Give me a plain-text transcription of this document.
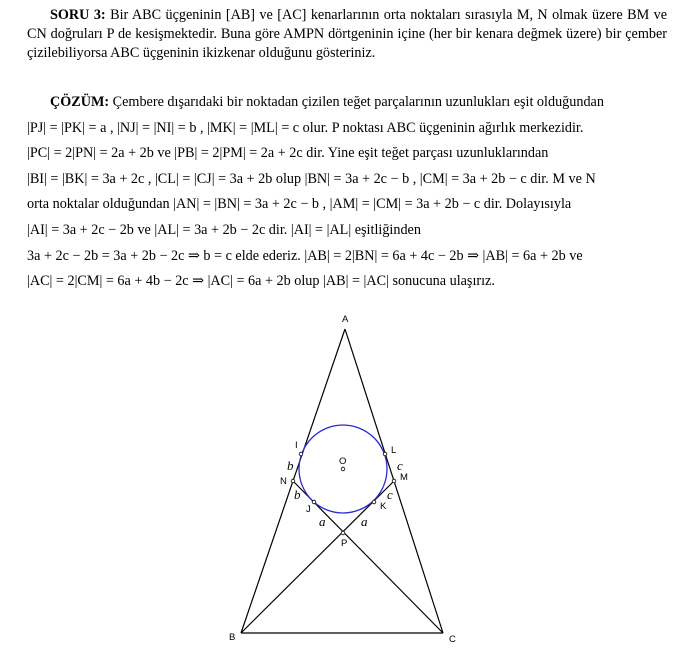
SORU 3: Bir ABC üçgeninin [AB] ve [AC] kenarlarının orta noktaları sırasıyla M, N olmak üzere BM ve CN doğruları P de kesişmektedir. Buna göre AMPN dörtgeninin içine (her bir kenara değmek üzere) bir çember çizilebiliyorsa ABC üçgeninin ikizkenar olduğunu gösteriniz.
ÇÖZÜM: Çembere dışarıdaki bir noktadan çizilen teğet parçalarının uzunlukları eşit olduğundan
|PJ| = |PK| = a , |NJ| = |NI| = b , |MK| = |ML| = c olur. P noktası ABC üçgeninin ağırlık merkezidir.
|PC| = 2|PN| = 2a + 2b ve |PB| = 2|PM| = 2a + 2c dir. Yine eşit teğet parçası uzunluklarından
|BI| = |BK| = 3a + 2c , |CL| = |CJ| = 3a + 2b olup |BN| = 3a + 2c − b , |CM| = 3a + 2b − c dir. M ve N
orta noktalar olduğundan |AN| = |BN| = 3a + 2c − b , |AM| = |CM| = 3a + 2b − c dir. Dolayısıyla
|AI| = 3a + 2c − 2b ve |AL| = 3a + 2b − 2c dir. |AI| = |AL| eşitliğinden
3a + 2c − 2b = 3a + 2b − 2c ⇒ b = c elde ederiz. |AB| = 2|BN| = 6a + 4c − 2b ⇒ |AB| = 6a + 2b ve
|AC| = 2|CM| = 6a + 4b − 2c ⇒ |AC| = 6a + 2b olup |AB| = |AC| sonucuna ulaşırız.
A
B	C
I	L
O
N	M
J	K
P
b
b
c
c
a	a
